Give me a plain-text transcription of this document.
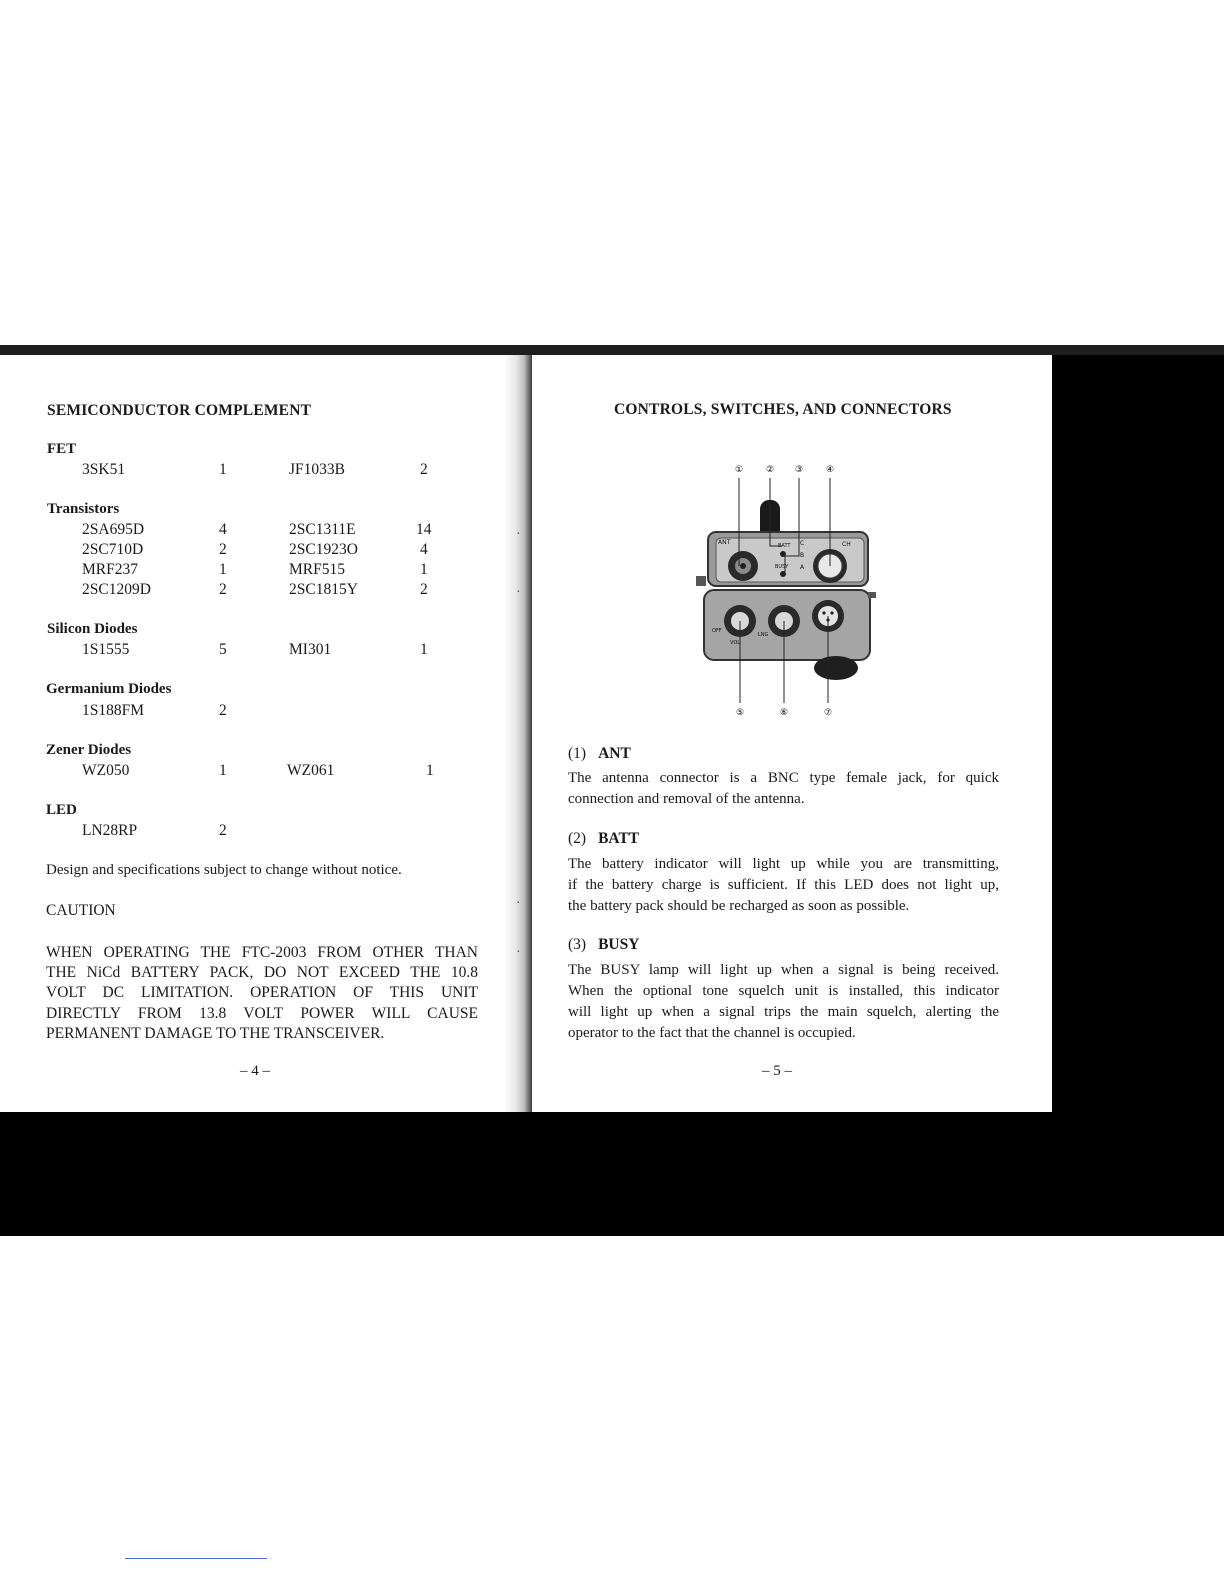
SEMICONDUCTOR COMPLEMENT
FET
3SK51	1	JF1033B	2
Transistors
2SA695D	4	2SC1311E	14
2SC710D	2	2SC1923O	4
MRF237	1	MRF515	1
2SC1209D	2	2SC1815Y	2
Silicon Diodes
1S1555	5	MI301	1
Germanium Diodes
1S188FM	2
Zener Diodes
WZ050	1	WZ061	1
LED
LN28RP	2
Design and specifications subject to change without notice.
CAUTION
WHEN OPERATING THE FTC-2003 FROM OTHER THAN
THE NiCd BATTERY PACK, DO NOT EXCEED THE 10.8
VOLT DC LIMITATION. OPERATION OF THIS UNIT
DIRECTLY FROM 13.8 VOLT POWER WILL CAUSE
PERMANENT DAMAGE TO THE TRANSCEIVER.
– 4 –
·
·
·
·
CONTROLS, SWITCHES, AND CONNECTORS
①	② ③	④
ANT	BATT
BUSY
CH
C
B
A
OFF
VOL
LNG
⑤	⑥	⑦
(1) ANT
The antenna connector is a BNC type female jack, for quick
connection and removal of the antenna.
(2) BATT
The battery indicator will light up while you are transmitting,
if the battery charge is sufficient. If this LED does not light up,
the battery pack should be recharged as soon as possible.
(3) BUSY
The BUSY lamp will light up when a signal is being received.
When the optional tone squelch unit is installed, this indicator
will light up when a signal trips the main squelch, alerting the
operator to the fact that the channel is occupied.
– 5 –
